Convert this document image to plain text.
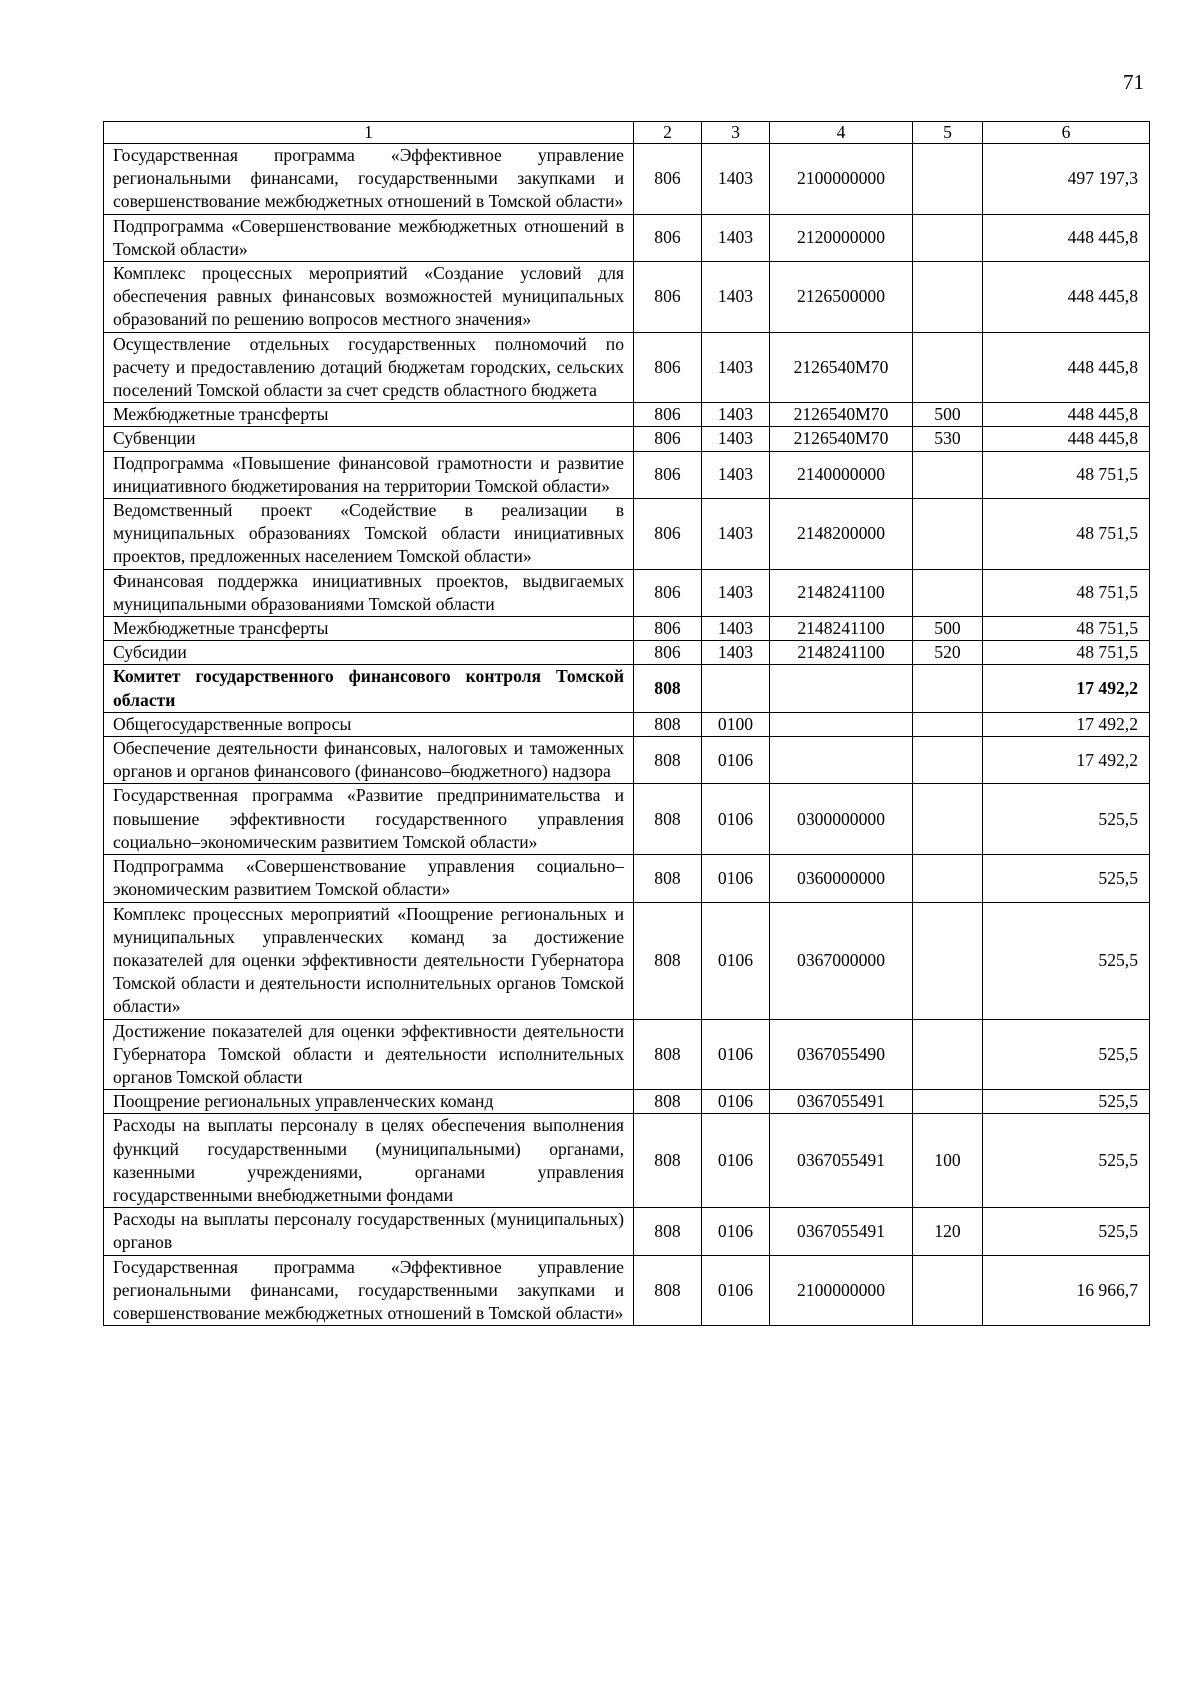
71
1	2	3	4	5	6
Государственная программа «Эффективное управление региональными финансами, государственными закупками и совершенствование межбюджетных отношений в Томской области»	806	1403	2100000000		497 197,3
Подпрограмма «Совершенствование межбюджетных отношений в Томской области»	806	1403	2120000000		448 445,8
Комплекс процессных мероприятий «Создание условий для обеспечения равных финансовых возможностей муниципальных образований по решению вопросов местного значения»	806	1403	2126500000		448 445,8
Осуществление отдельных государственных полномочий по расчету и предоставлению дотаций бюджетам городских, сельских поселений Томской области за счет средств областного бюджета	806	1403	2126540М70		448 445,8
Межбюджетные трансферты	806	1403	2126540М70	500	448 445,8
Субвенции	806	1403	2126540М70	530	448 445,8
Подпрограмма «Повышение финансовой грамотности и развитие инициативного бюджетирования на территории Томской области»	806	1403	2140000000		48 751,5
Ведомственный проект «Содействие в реализации в муниципальных образованиях Томской области инициативных проектов, предложенных населением Томской области»	806	1403	2148200000		48 751,5
Финансовая поддержка инициативных проектов, выдвигаемых муниципальными образованиями Томской области	806	1403	2148241100		48 751,5
Межбюджетные трансферты	806	1403	2148241100	500	48 751,5
Субсидии	806	1403	2148241100	520	48 751,5
Комитет государственного финансового контроля Томской области	808				17 492,2
Общегосударственные вопросы	808	0100			17 492,2
Обеспечение деятельности финансовых, налоговых и таможенных органов и органов финансового (финансово–бюджетного) надзора	808	0106			17 492,2
Государственная программа «Развитие предпринимательства и повышение эффективности государственного управления социально–экономическим развитием Томской области»	808	0106	0300000000		525,5
Подпрограмма «Совершенствование управления социально–экономическим развитием Томской области»	808	0106	0360000000		525,5
Комплекс процессных мероприятий «Поощрение региональных и муниципальных управленческих команд за достижение показателей для оценки эффективности деятельности Губернатора Томской области и деятельности исполнительных органов Томской области»	808	0106	0367000000		525,5
Достижение показателей для оценки эффективности деятельности Губернатора Томской области и деятельности исполнительных органов Томской области	808	0106	0367055490		525,5
Поощрение региональных управленческих команд	808	0106	0367055491		525,5
Расходы на выплаты персоналу в целях обеспечения выполнения функций государственными (муниципальными) органами, казенными учреждениями, органами управления государственными внебюджетными фондами	808	0106	0367055491	100	525,5
Расходы на выплаты персоналу государственных (муниципальных) органов	808	0106	0367055491	120	525,5
Государственная программа «Эффективное управление региональными финансами, государственными закупками и совершенствование межбюджетных отношений в Томской области»	808	0106	2100000000		16 966,7
